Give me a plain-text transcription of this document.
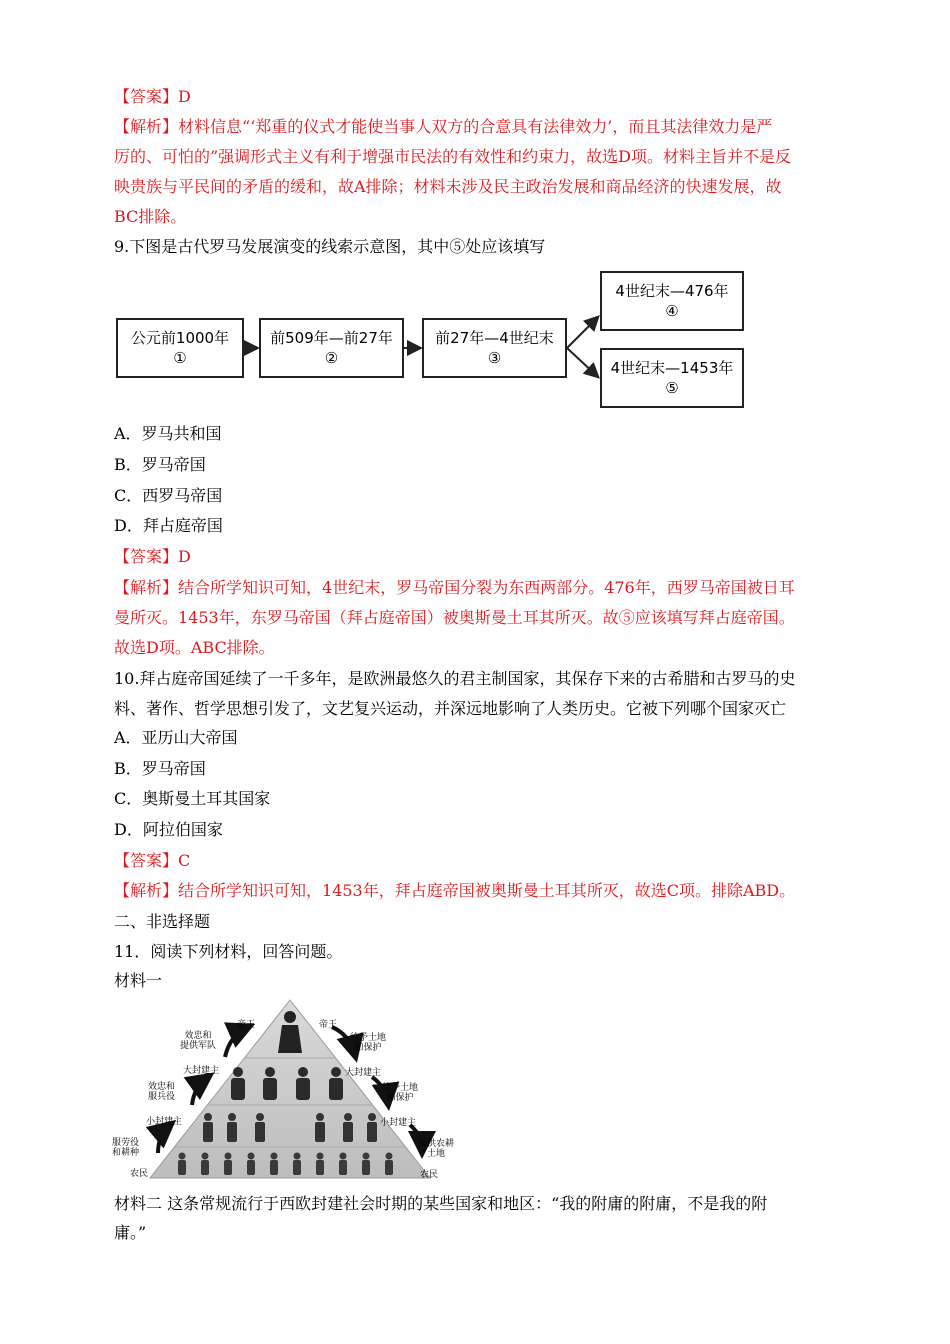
【答案】D
【解析】材料信息“‘郑重的仪式才能使当事人双方的合意具有法律效力’，而且其法律效力是严
厉的、可怕的”强调形式主义有利于增强市民法的有效性和约束力，故选D项。材料主旨并不是反
映贵族与平民间的矛盾的缓和，故A排除；材料未涉及民主政治发展和商品经济的快速发展，故
BC排除。
9.下图是古代罗马发展演变的线索示意图，其中⑤处应该填写
公元前1000年
①
前509年—前27年
②
前27年—4世纪末
③
4世纪末—476年
④
4世纪末—1453年
⑤
A．罗马共和国
B．罗马帝国
C．西罗马帝国
D．拜占庭帝国
【答案】D
【解析】结合所学知识可知，4世纪末，罗马帝国分裂为东西两部分。476年，西罗马帝国被日耳
曼所灭。1453年，东罗马帝国（拜占庭帝国）被奥斯曼土耳其所灭。故⑤应该填写拜占庭帝国。
故选D项。ABC排除。
10.拜占庭帝国延续了一千多年，是欧洲最悠久的君主制国家，其保存下来的古希腊和古罗马的史
料、著作、哲学思想引发了，文艺复兴运动，并深远地影响了人类历史。它被下列哪个国家灭亡
A．亚历山大帝国
B．罗马帝国
C．奥斯曼土耳其国家
D．阿拉伯国家
【答案】C
【解析】结合所学知识可知，1453年，拜占庭帝国被奥斯曼土耳其所灭，故选C项。排除ABD。
二、非选择题
11．阅读下列材料，回答问题。
材料一
帝王	帝王
效忠和
提供军队
给予土地
和保护
大封建主	大封建主
效忠和
服兵役
给予土地
和保护
小封建主	小封建主
服劳役
和耕种
提供农耕
土地
农民	农民
材料二 这条常规流行于西欧封建社会时期的某些国家和地区：“我的附庸的附庸，不是我的附
庸。”
